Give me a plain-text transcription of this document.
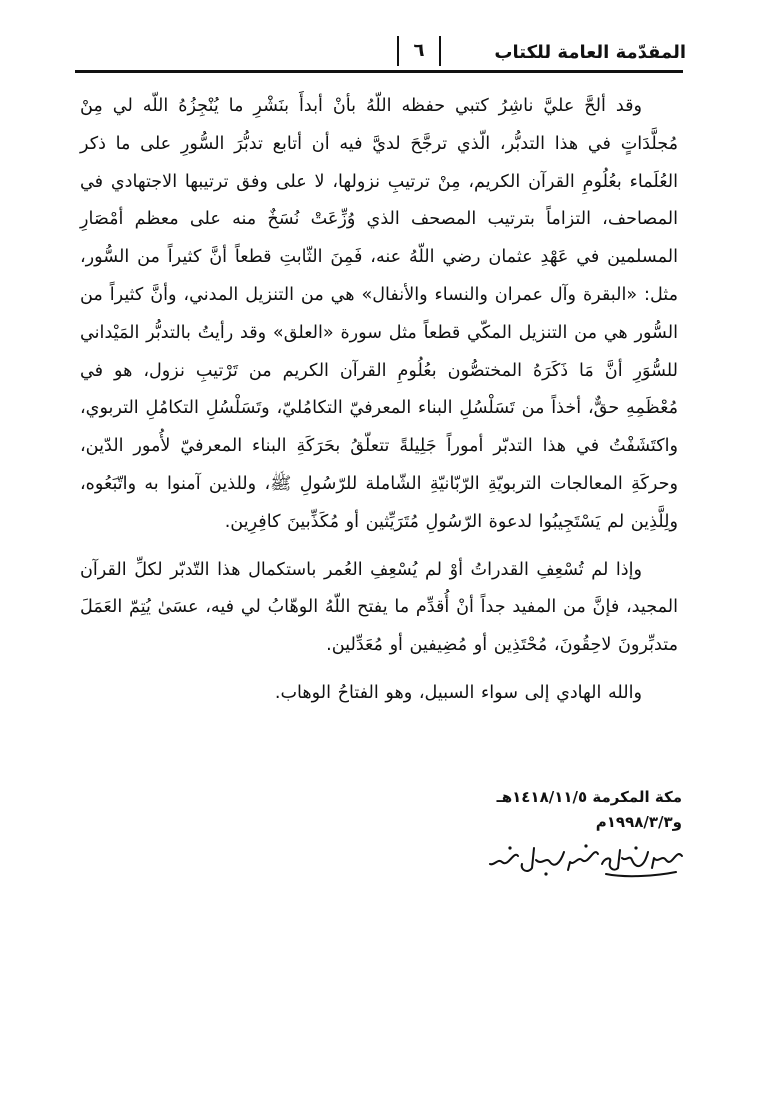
المقدّمة العامة للكتاب
٦

وقد ألحَّ عليَّ ناشِرُ كتبي حفظه اللّهُ بأنْ أبدأَ بنَشْرِ ما يُنْجِزُهُ اللّه لي مِنْ مُجلَّدَاتٍ في هذا التدبُّر، الّذي ترجَّحَ لديَّ فيه أن أتابع تدبُّرَ السُّورِ على ما ذكر العُلَماء بعُلُومِ القرآن الكريم، مِنْ ترتيبِ نزولها، لا على وفق ترتيبها الاجتهادي في المصاحف، التزاماً بترتيب المصحف الذي وُزِّعَتْ نُسَخٌ منه على معظم أمْصَارِ المسلمين في عَهْدِ عثمان رضي اللّهُ عنه، فَمِنَ الثّابتِ قطعاً أنَّ كثيراً من السُّور، مثل: «البقرة وآل عمران والنساء والأنفال» هي من التنزيل المدني، وأنَّ كثيراً من السُّور هي من التنزيل المكّي قطعاً مثل سورة «العلق» وقد رأيتُ بالتدبُّر المَيْداني للسُّوَرِ أنَّ مَا ذَكَرَهُ المختصُّون بعُلُومِ القرآن الكريم من تَرْتيبِ نزول، هو في مُعْظَمِهِ حقٌّ، أخذاً من تَسَلْسُلِ البناء المعرفيّ التكامُليّ، وتَسَلْسُلِ التكامُلِ التربوي، واكتَشَفْتُ في هذا التدبّر أموراً جَلِيلةً تتعلّقُ بحَرَكَةِ البناء المعرفيّ لأُمور الدّين، وحركَةِ المعالجات التربويّةِ الرّبّانيّةِ الشّاملة للرّسُولِ ﷺ، وللذين آمنوا به واتّبَعُوه، ولِلَّذِين لم يَسْتَجِيبُوا لدعوة الرّسُولِ مُتَرَيِّثين أو مُكَذِّبينَ كافِرِين.

وإذا لم تُسْعِفِ القدراتُ أوْ لم يُسْعِفِ العُمر باستكمال هذا التّدبّر لكلِّ القرآن المجيد، فإنَّ من المفيد جداً أنْ أُقدِّم ما يفتح اللّهُ الوهّابُ لي فيه، عسَىٰ يُتِمّ العَمَلَ متدبِّرونَ لاحِقُونَ، مُحْتَذِين أو مُضِيفين أو مُعَدِّلين.

والله الهادي إلى سواء السبيل، وهو الفتاحُ الوهاب.

مكة المكرمة ١٤١٨/١١/٥هـ
و١٩٩٨/٣/٣م
